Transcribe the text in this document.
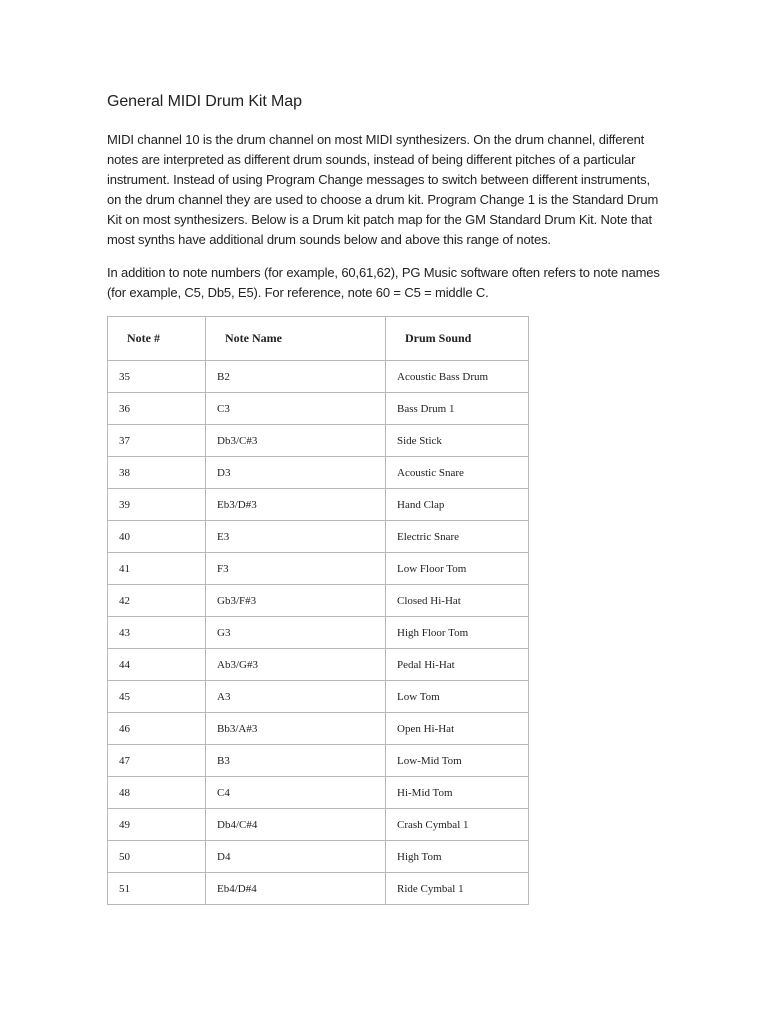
General MIDI Drum Kit Map

MIDI channel 10 is the drum channel on most MIDI synthesizers. On the drum channel, different notes are interpreted as different drum sounds, instead of being different pitches of a particular instrument. Instead of using Program Change messages to switch between different instruments, on the drum channel they are used to choose a drum kit. Program Change 1 is the Standard Drum Kit on most synthesizers. Below is a Drum kit patch map for the GM Standard Drum Kit. Note that most synths have additional drum sounds below and above this range of notes.

In addition to note numbers (for example, 60,61,62), PG Music software often refers to note names (for example, C5, Db5, E5). For reference, note 60 = C5 = middle C.

Note #	Note Name	Drum Sound
35	B2	Acoustic Bass Drum
36	C3	Bass Drum 1
37	Db3/C#3	Side Stick
38	D3	Acoustic Snare
39	Eb3/D#3	Hand Clap
40	E3	Electric Snare
41	F3	Low Floor Tom
42	Gb3/F#3	Closed Hi-Hat
43	G3	High Floor Tom
44	Ab3/G#3	Pedal Hi-Hat
45	A3	Low Tom
46	Bb3/A#3	Open Hi-Hat
47	B3	Low-Mid Tom
48	C4	Hi-Mid Tom
49	Db4/C#4	Crash Cymbal 1
50	D4	High Tom
51	Eb4/D#4	Ride Cymbal 1
